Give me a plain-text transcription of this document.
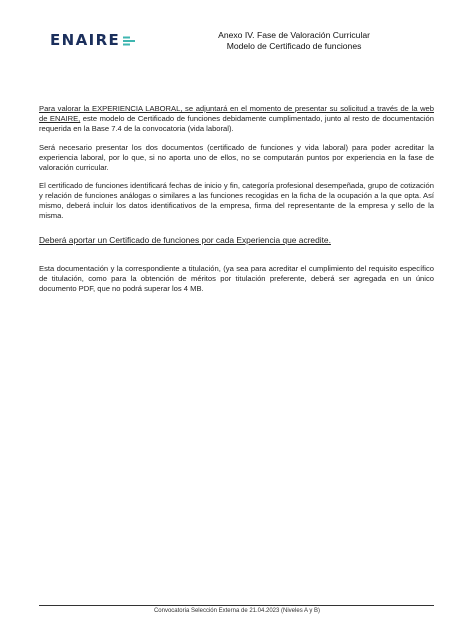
ENAIRE	Anexo IV. Fase de Valoración Curricular
Modelo de Certificado de funciones

Para valorar la EXPERIENCIA LABORAL, se adjuntará en el momento de presentar su solicitud a través de la web de ENAIRE, este modelo de Certificado de funciones debidamente cumplimentado, junto al resto de documentación requerida en la Base 7.4 de la convocatoria (vida laboral).

Será necesario presentar los dos documentos (certificado de funciones y vida laboral) para poder acreditar la experiencia laboral, por lo que, si no aporta uno de ellos, no se computarán puntos por experiencia en la fase de valoración curricular.

El certificado de funciones identificará fechas de inicio y fin, categoría profesional desempeñada, grupo de cotización y relación de funciones análogas o similares a las funciones recogidas en la ficha de la ocupación a la que opta. Así mismo, deberá incluir los datos identificativos de la empresa, firma del representante de la empresa y sello de la misma.

Deberá aportar un Certificado de funciones por cada Experiencia que acredite.

Esta documentación y la correspondiente a titulación, (ya sea para acreditar el cumplimiento del requisito específico de titulación, como para la obtención de méritos por titulación preferente, deberá ser agregada en un único documento PDF, que no podrá superar los 4 MB.

Convocatoria Selección Externa de 21.04.2023 (Niveles A y B)
